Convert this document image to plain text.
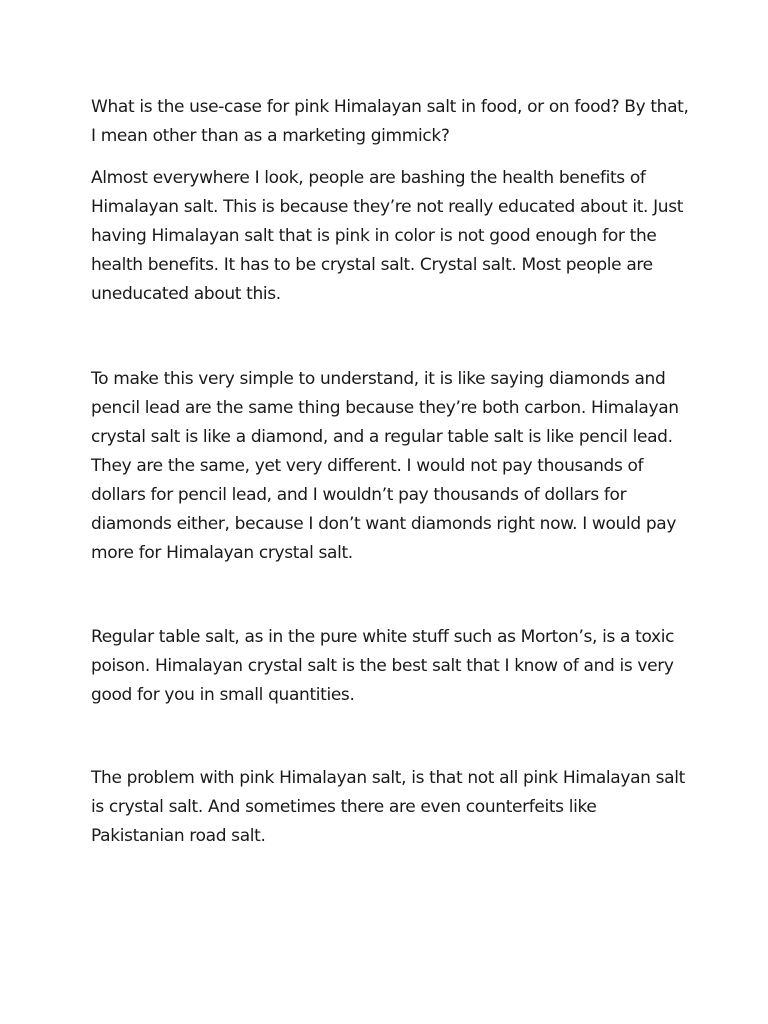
What is the use-case for pink Himalayan salt in food, or on food? By that, I mean other than as a marketing gimmick?

Almost everywhere I look, people are bashing the health benefits of Himalayan salt. This is because they’re not really educated about it. Just having Himalayan salt that is pink in color is not good enough for the health benefits. It has to be crystal salt. Crystal salt. Most people are uneducated about this.

To make this very simple to understand, it is like saying diamonds and pencil lead are the same thing because they’re both carbon. Himalayan crystal salt is like a diamond, and a regular table salt is like pencil lead. They are the same, yet very different. I would not pay thousands of dollars for pencil lead, and I wouldn’t pay thousands of dollars for diamonds either, because I don’t want diamonds right now. I would pay more for Himalayan crystal salt.

Regular table salt, as in the pure white stuff such as Morton’s, is a toxic poison. Himalayan crystal salt is the best salt that I know of and is very good for you in small quantities.

The problem with pink Himalayan salt, is that not all pink Himalayan salt is crystal salt. And sometimes there are even counterfeits like Pakistanian road salt.
